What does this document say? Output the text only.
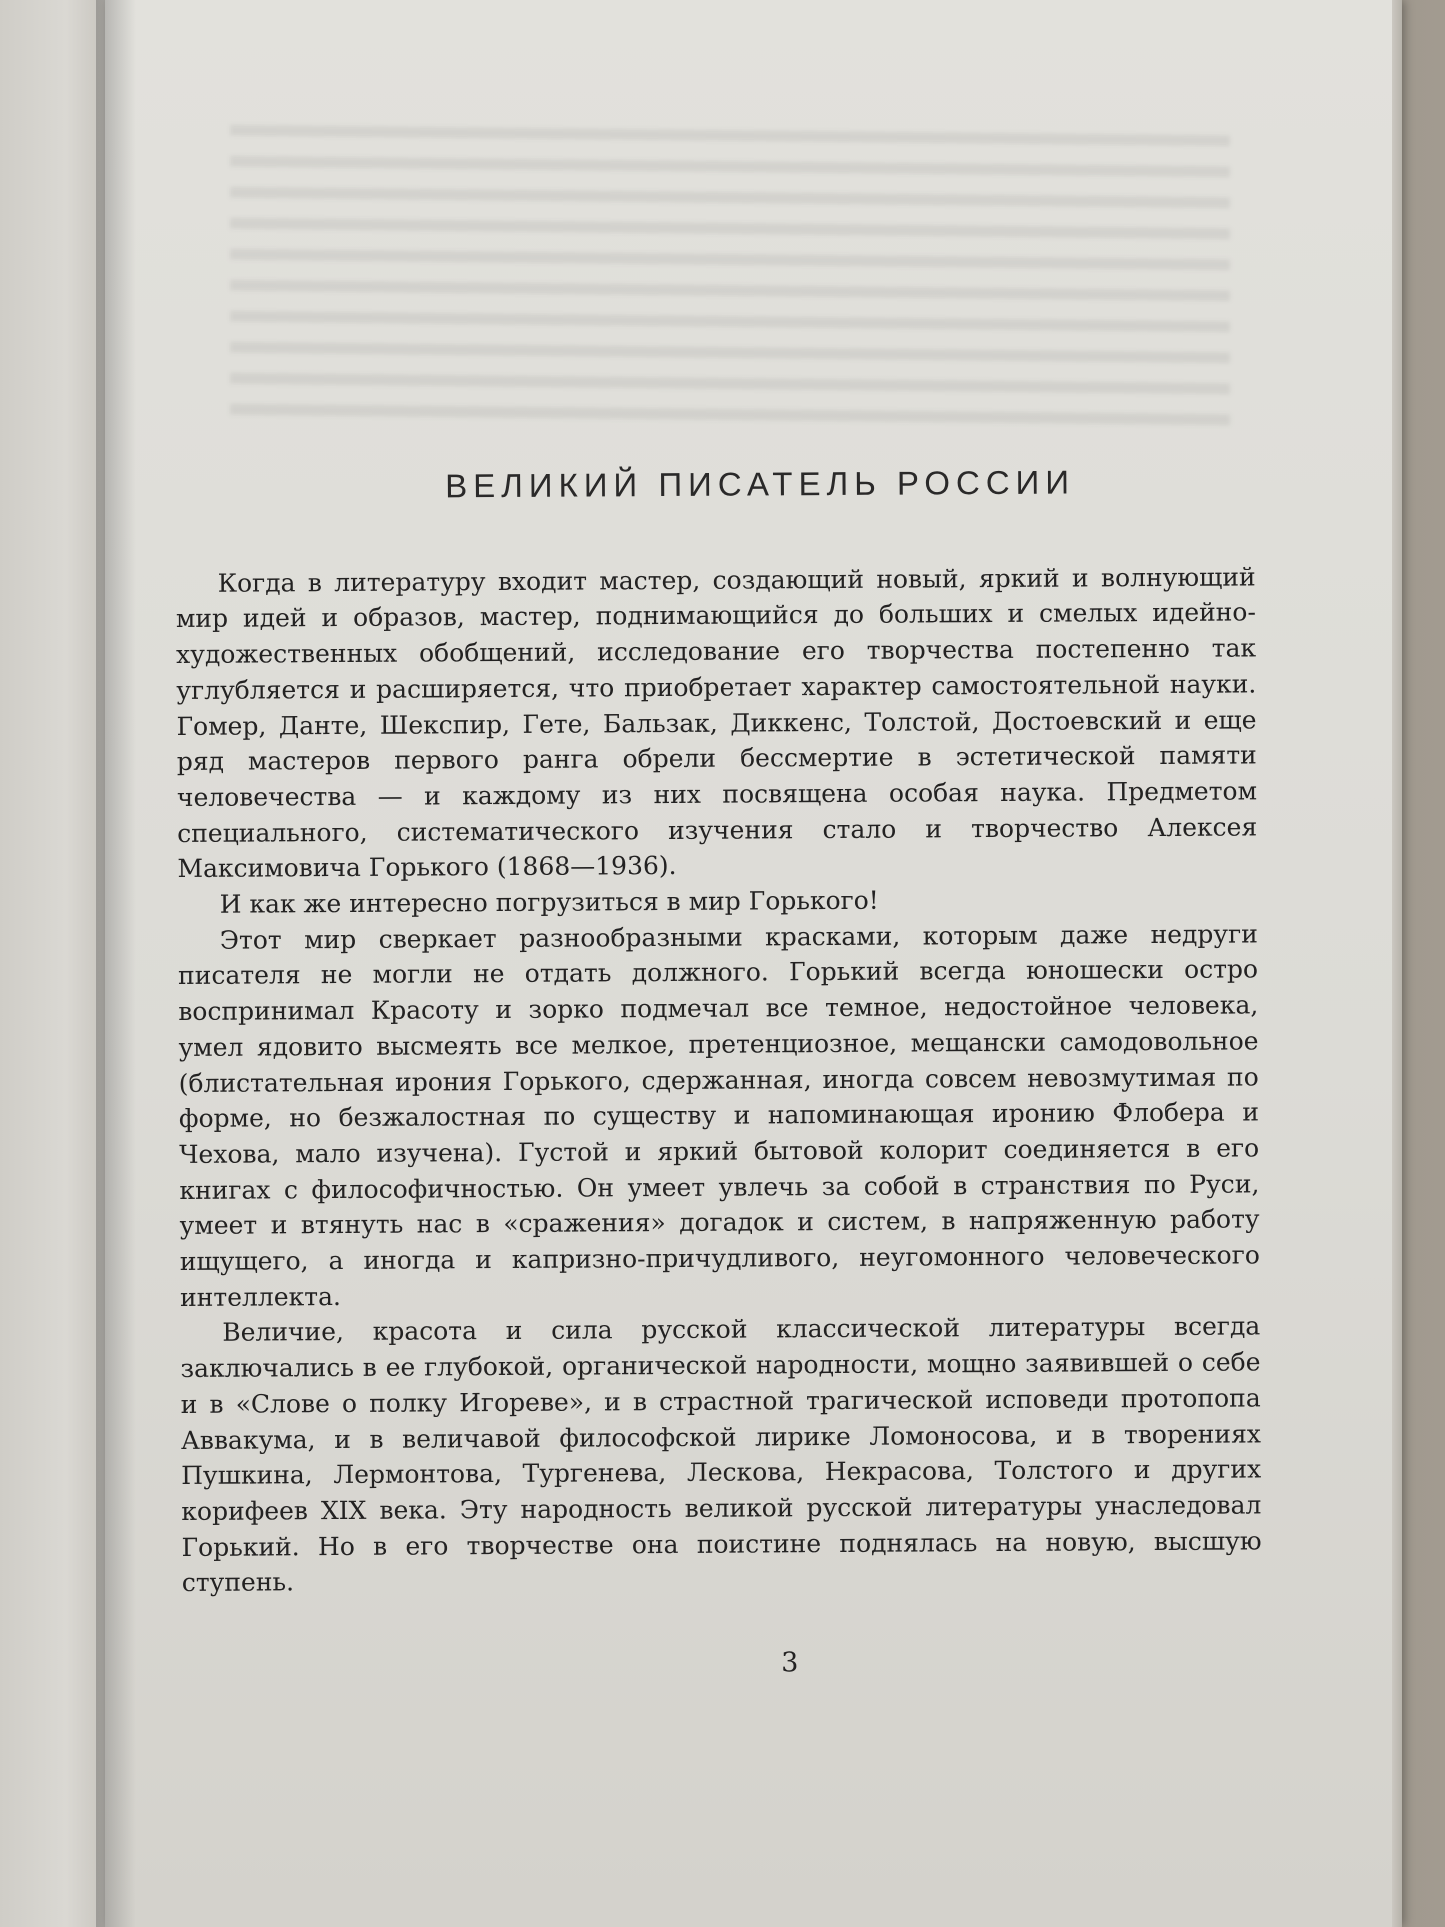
ВЕЛИКИЙ ПИСАТЕЛЬ РОССИИ

Когда в литературу входит мастер, создающий новый, яркий и волнующий мир идей и образов, мастер, поднимающийся до больших и смелых идейно-художественных обобщений, исследование его творчества постепенно так углубляется и расширяется, что приобретает характер самостоятельной науки. Гомер, Данте, Шекспир, Гете, Бальзак, Диккенс, Толстой, Достоевский и еще ряд мастеров первого ранга обрели бессмертие в эстетической памяти человечества — и каждому из них посвящена особая наука. Предметом специального, систематического изучения стало и творчество Алексея Максимовича Горького (1868—1936).

И как же интересно погрузиться в мир Горького!

Этот мир сверкает разнообразными красками, которым даже недруги писателя не могли не отдать должного. Горький всегда юношески остро воспринимал Красоту и зорко подмечал все темное, недостойное человека, умел ядовито высмеять все мелкое, претенциозное, мещански самодовольное (блистательная ирония Горького, сдержанная, иногда совсем невозмутимая по форме, но безжалостная по существу и напоминающая иронию Флобера и Чехова, мало изучена). Густой и яркий бытовой колорит соединяется в его книгах с философичностью. Он умеет увлечь за собой в странствия по Руси, умеет и втянуть нас в «сражения» догадок и систем, в напряженную работу ищущего, а иногда и капризно-причудливого, неугомонного человеческого интеллекта.

Величие, красота и сила русской классической литературы всегда заключались в ее глубокой, органической народности, мощно заявившей о себе и в «Слове о полку Игореве», и в страстной трагической исповеди протопопа Аввакума, и в величавой философской лирике Ломоносова, и в творениях Пушкина, Лермонтова, Тургенева, Лескова, Некрасова, Толстого и других корифеев XIX века. Эту народность великой русской литературы унаследовал Горький. Но в его творчестве она поистине поднялась на новую, высшую ступень.

3
